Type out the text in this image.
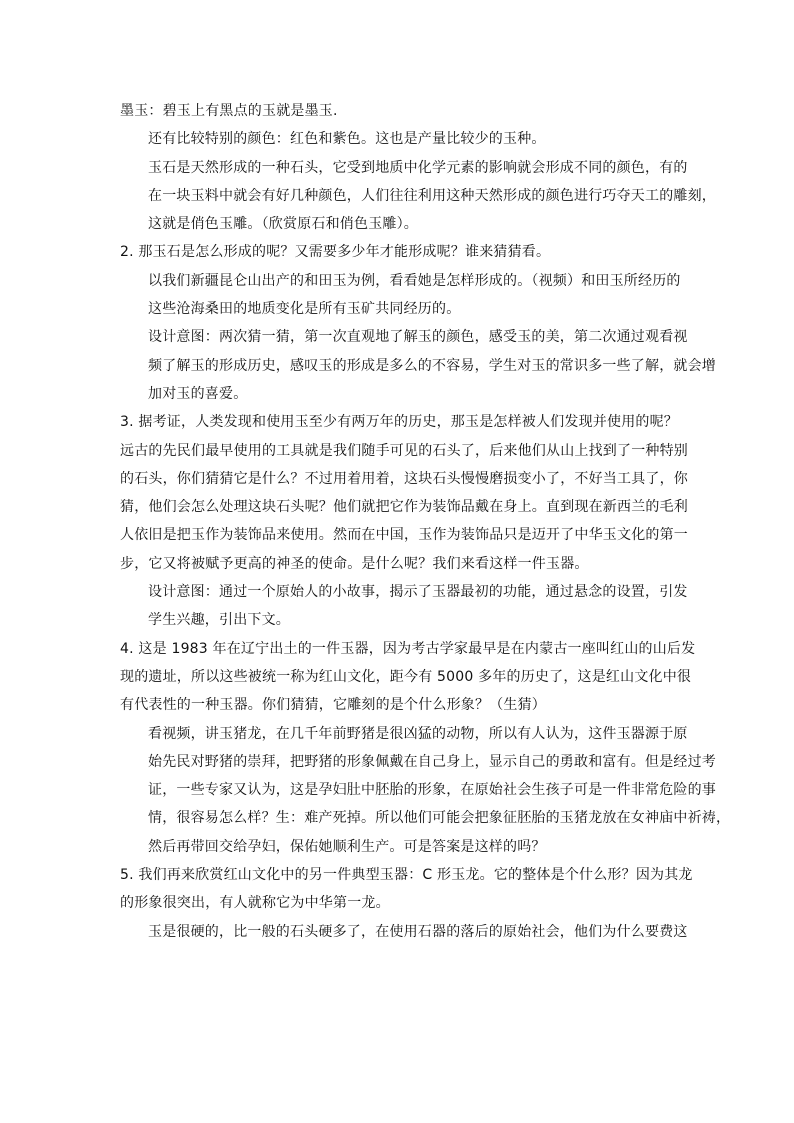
墨玉：碧玉上有黑点的玉就是墨玉.
还有比较特别的颜色：红色和紫色。这也是产量比较少的玉种。
玉石是天然形成的一种石头，它受到地质中化学元素的影响就会形成不同的颜色，有的
在一块玉料中就会有好几种颜色，人们往往利用这种天然形成的颜色进行巧夺天工的雕刻，
这就是俏色玉雕。（欣赏原石和俏色玉雕）。
2. 那玉石是怎么形成的呢？又需要多少年才能形成呢？谁来猜猜看。
以我们新疆昆仑山出产的和田玉为例，看看她是怎样形成的。（视频）和田玉所经历的
这些沧海桑田的地质变化是所有玉矿共同经历的。
设计意图：两次猜一猜，第一次直观地了解玉的颜色，感受玉的美，第二次通过观看视
频了解玉的形成历史，感叹玉的形成是多么的不容易，学生对玉的常识多一些了解，就会增
加对玉的喜爱。
3. 据考证，人类发现和使用玉至少有两万年的历史，那玉是怎样被人们发现并使用的呢？
远古的先民们最早使用的工具就是我们随手可见的石头了，后来他们从山上找到了一种特别
的石头，你们猜猜它是什么？不过用着用着，这块石头慢慢磨损变小了，不好当工具了，你
猜，他们会怎么处理这块石头呢？他们就把它作为装饰品戴在身上。直到现在新西兰的毛利
人依旧是把玉作为装饰品来使用。然而在中国，玉作为装饰品只是迈开了中华玉文化的第一
步，它又将被赋予更高的神圣的使命。是什么呢？我们来看这样一件玉器。
设计意图：通过一个原始人的小故事，揭示了玉器最初的功能，通过悬念的设置，引发
学生兴趣，引出下文。
4. 这是 1983 年在辽宁出土的一件玉器，因为考古学家最早是在内蒙古一座叫红山的山后发
现的遗址，所以这些被统一称为红山文化，距今有 5000 多年的历史了，这是红山文化中很
有代表性的一种玉器。你们猜猜，它雕刻的是个什么形象？（生猜）
看视频，讲玉猪龙，在几千年前野猪是很凶猛的动物，所以有人认为，这件玉器源于原
始先民对野猪的崇拜，把野猪的形象佩戴在自己身上，显示自己的勇敢和富有。但是经过考
证，一些专家又认为，这是孕妇肚中胚胎的形象，在原始社会生孩子可是一件非常危险的事
情，很容易怎么样？生：难产死掉。所以他们可能会把象征胚胎的玉猪龙放在女神庙中祈祷，
然后再带回交给孕妇，保佑她顺利生产。可是答案是这样的吗？
5. 我们再来欣赏红山文化中的另一件典型玉器：C 形玉龙。它的整体是个什么形？因为其龙
的形象很突出，有人就称它为中华第一龙。
玉是很硬的，比一般的石头硬多了，在使用石器的落后的原始社会，他们为什么要费这
